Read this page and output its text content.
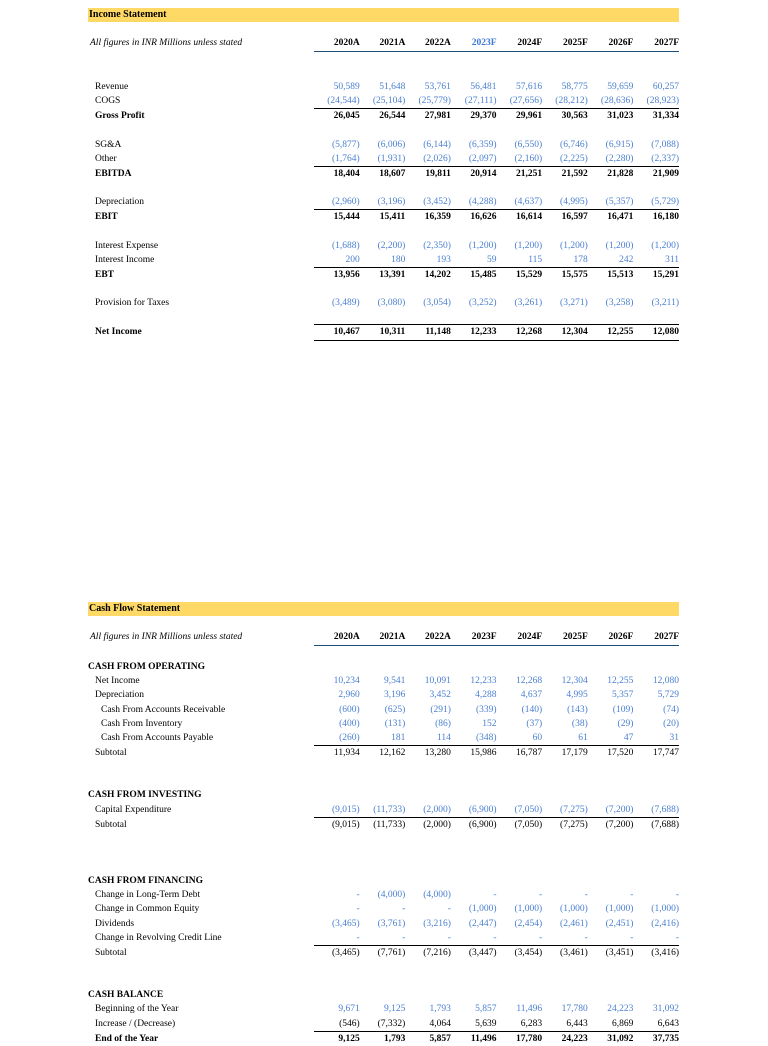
Income Statement
All figures in INR Millions unless stated	2020A	2021A	2022A	2023F	2024F	2025F	2026F	2027F

Revenue	50,589	51,648	53,761	56,481	57,616	58,775	59,659	60,257
COGS	(24,544)	(25,104)	(25,779)	(27,111)	(27,656)	(28,212)	(28,636)	(28,923)
Gross Profit	26,045	26,544	27,981	29,370	29,961	30,563	31,023	31,334

SG&A	(5,877)	(6,006)	(6,144)	(6,359)	(6,550)	(6,746)	(6,915)	(7,088)
Other	(1,764)	(1,931)	(2,026)	(2,097)	(2,160)	(2,225)	(2,280)	(2,337)
EBITDA	18,404	18,607	19,811	20,914	21,251	21,592	21,828	21,909

Depreciation	(2,960)	(3,196)	(3,452)	(4,288)	(4,637)	(4,995)	(5,357)	(5,729)
EBIT	15,444	15,411	16,359	16,626	16,614	16,597	16,471	16,180

Interest Expense	(1,688)	(2,200)	(2,350)	(1,200)	(1,200)	(1,200)	(1,200)	(1,200)
Interest Income	200	180	193	59	115	178	242	311
EBT	13,956	13,391	14,202	15,485	15,529	15,575	15,513	15,291

Provision for Taxes	(3,489)	(3,080)	(3,054)	(3,252)	(3,261)	(3,271)	(3,258)	(3,211)

Net Income	10,467	10,311	11,148	12,233	12,268	12,304	12,255	12,080
Cash Flow Statement
All figures in INR Millions unless stated	2020A	2021A	2022A	2023F	2024F	2025F	2026F	2027F

CASH FROM OPERATING								
Net Income	10,234	9,541	10,091	12,233	12,268	12,304	12,255	12,080
Depreciation	2,960	3,196	3,452	4,288	4,637	4,995	5,357	5,729
Cash From Accounts Receivable	(600)	(625)	(291)	(339)	(140)	(143)	(109)	(74)
Cash From Inventory	(400)	(131)	(86)	152	(37)	(38)	(29)	(20)
Cash From Accounts Payable	(260)	181	114	(348)	60	61	47	31
Subtotal	11,934	12,162	13,280	15,986	16,787	17,179	17,520	17,747

CASH FROM INVESTING								
Capital Expenditure	(9,015)	(11,733)	(2,000)	(6,900)	(7,050)	(7,275)	(7,200)	(7,688)
Subtotal	(9,015)	(11,733)	(2,000)	(6,900)	(7,050)	(7,275)	(7,200)	(7,688)

CASH FROM FINANCING								
Change in Long-Term Debt	-	(4,000)	(4,000)	-	-	-	-	-
Change in Common Equity	-	-	-	(1,000)	(1,000)	(1,000)	(1,000)	(1,000)
Dividends	(3,465)	(3,761)	(3,216)	(2,447)	(2,454)	(2,461)	(2,451)	(2,416)
Change in Revolving Credit Line	-	-	-	-	-	-	-	-
Subtotal	(3,465)	(7,761)	(7,216)	(3,447)	(3,454)	(3,461)	(3,451)	(3,416)

CASH BALANCE								
Beginning of the Year	9,671	9,125	1,793	5,857	11,496	17,780	24,223	31,092
Increase / (Decrease)	(546)	(7,332)	4,064	5,639	6,283	6,443	6,869	6,643
End of the Year	9,125	1,793	5,857	11,496	17,780	24,223	31,092	37,735
